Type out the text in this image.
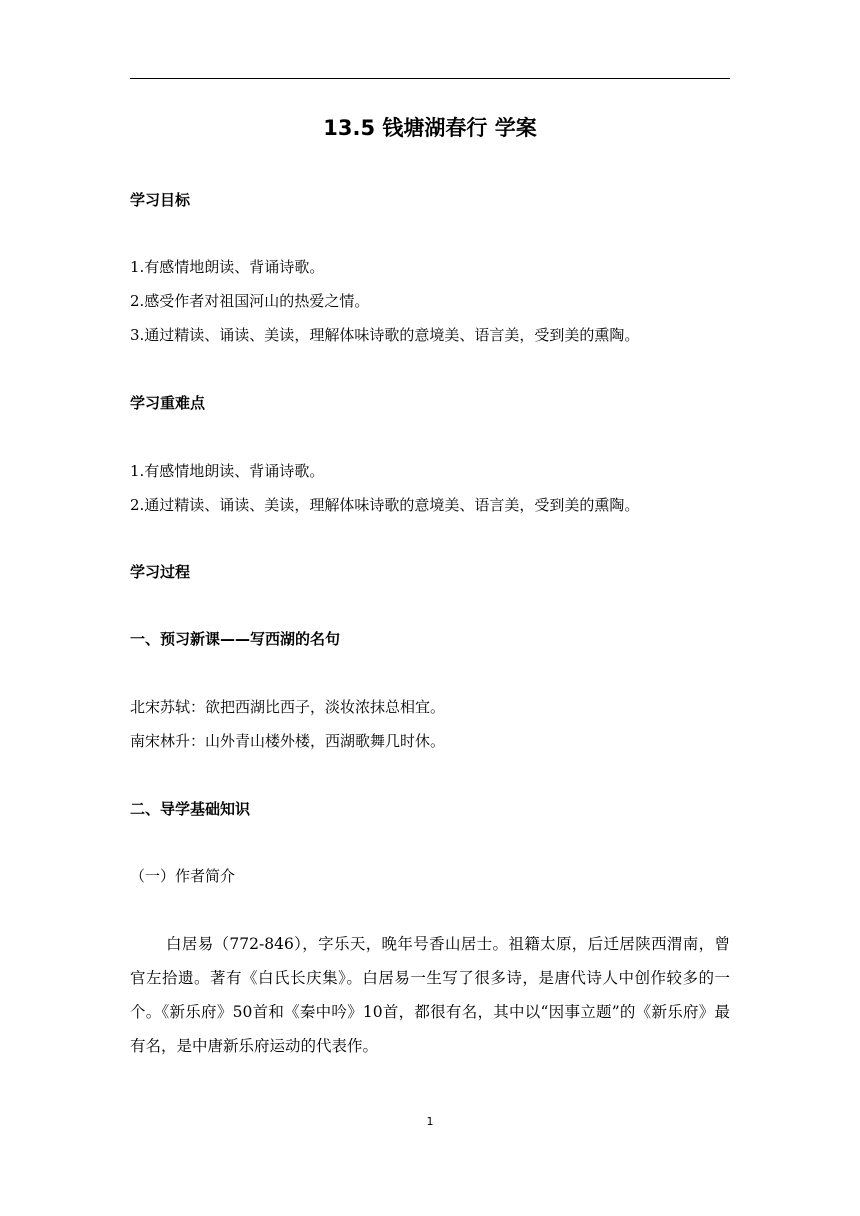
13.5 钱塘湖春行 学案
学习目标
1.有感情地朗读、背诵诗歌。
2.感受作者对祖国河山的热爱之情。
3.通过精读、诵读、美读，理解体味诗歌的意境美、语言美，受到美的熏陶。
学习重难点
1.有感情地朗读、背诵诗歌。
2.通过精读、诵读、美读，理解体味诗歌的意境美、语言美，受到美的熏陶。
学习过程
一、预习新课——写西湖的名句
北宋苏轼：欲把西湖比西子，淡妆浓抹总相宜。
南宋林升：山外青山楼外楼，西湖歌舞几时休。
二、导学基础知识
（一）作者简介
白居易（772-846），字乐天，晚年号香山居士。祖籍太原，后迁居陕西渭南，曾官左拾遗。著有《白氏长庆集》。白居易一生写了很多诗，是唐代诗人中创作较多的一个。《新乐府》50首和《秦中吟》10首，都很有名，其中以“因事立题”的《新乐府》最有名，是中唐新乐府运动的代表作。
1
